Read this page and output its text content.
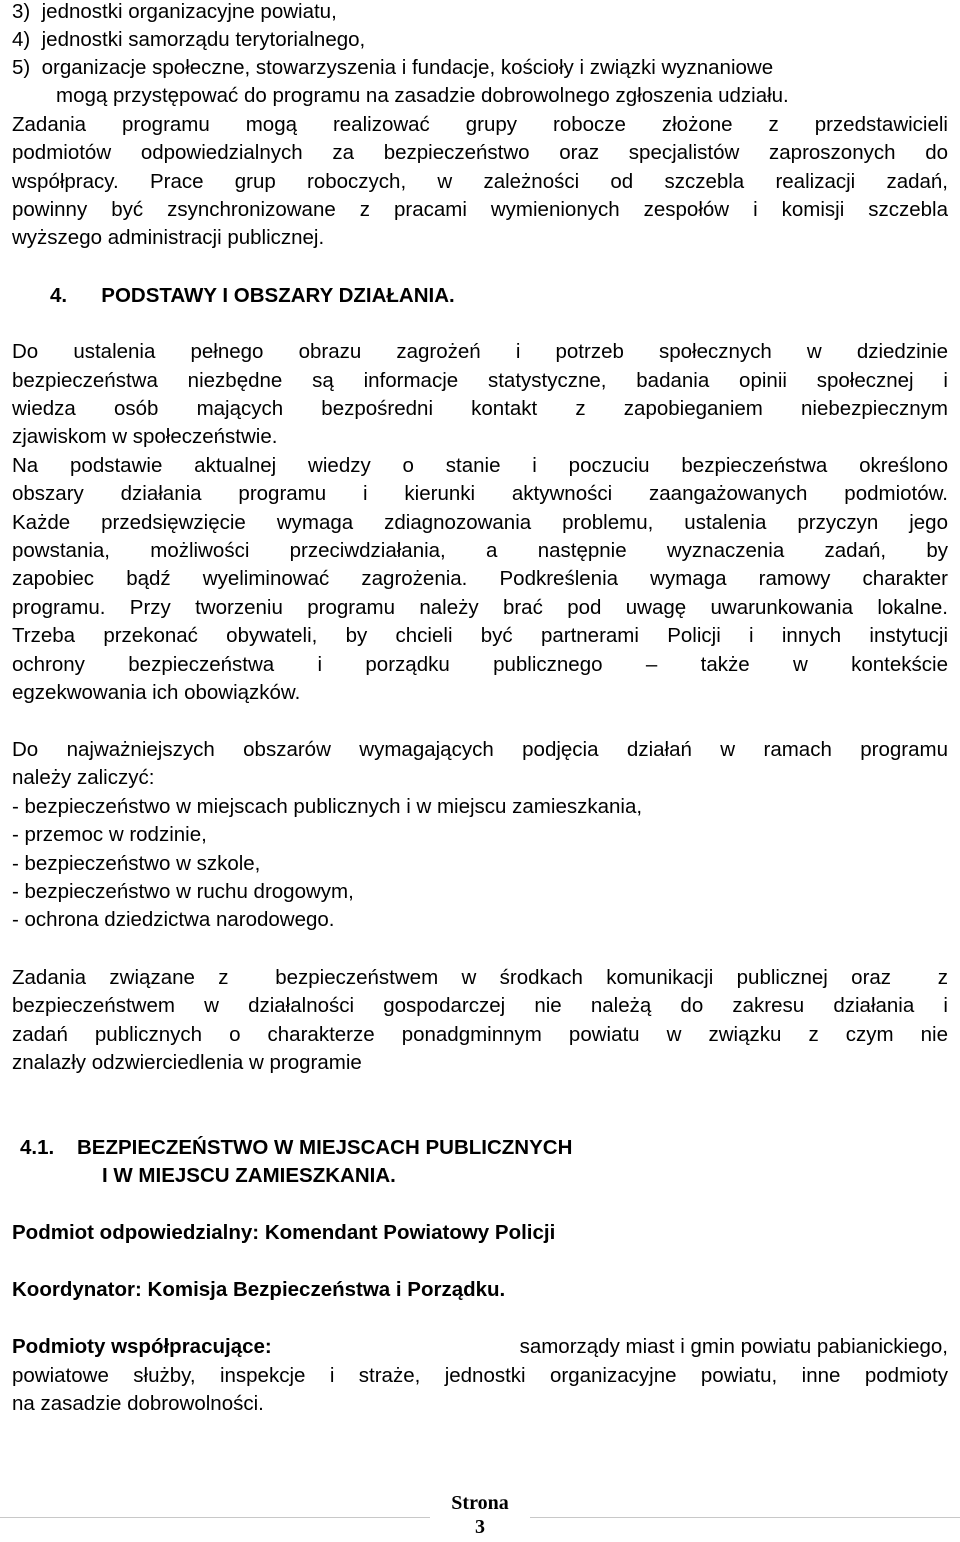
3)  jednostki organizacyjne powiatu,
4)  jednostki samorządu terytorialnego,
5)  organizacje społeczne, stowarzyszenia i fundacje, kościoły i związki wyznaniowe
mogą przystępować do programu na zasadzie dobrowolnego zgłoszenia udziału.
Zadania programu mogą realizować grupy robocze złożone z przedstawicieli
podmiotów odpowiedzialnych za bezpieczeństwo oraz specjalistów zaproszonych do
współpracy. Prace grup roboczych, w zależności od szczebla realizacji zadań,
powinny być zsynchronizowane z pracami wymienionych zespołów i komisji szczebla
wyższego administracji publicznej.
4.      PODSTAWY I OBSZARY DZIAŁANIA.
Do ustalenia pełnego obrazu zagrożeń i potrzeb społecznych w dziedzinie
bezpieczeństwa niezbędne są informacje statystyczne, badania opinii społecznej i
wiedza osób mających bezpośredni kontakt z zapobieganiem niebezpiecznym
zjawiskom w społeczeństwie.
Na podstawie aktualnej wiedzy o stanie i poczuciu bezpieczeństwa określono
obszary działania programu i kierunki aktywności zaangażowanych podmiotów.
Każde przedsięwzięcie wymaga zdiagnozowania problemu, ustalenia przyczyn jego
powstania, możliwości przeciwdziałania, a następnie wyznaczenia zadań, by
zapobiec bądź wyeliminować zagrożenia. Podkreślenia wymaga ramowy charakter
programu. Przy tworzeniu programu należy brać pod uwagę uwarunkowania lokalne.
Trzeba przekonać obywateli, by chcieli być partnerami Policji i innych instytucji
ochrony bezpieczeństwa i porządku publicznego – także w kontekście
egzekwowania ich obowiązków.
Do najważniejszych obszarów wymagających podjęcia działań w ramach programu
należy zaliczyć:
- bezpieczeństwo w miejscach publicznych i w miejscu zamieszkania,
- przemoc w rodzinie,
- bezpieczeństwo w szkole,
- bezpieczeństwo w ruchu drogowym,
- ochrona dziedzictwa narodowego.
Zadania związane z  bezpieczeństwem w środkach komunikacji publicznej oraz  z
bezpieczeństwem w działalności gospodarczej nie należą do zakresu działania i
zadań publicznych o charakterze ponadgminnym powiatu w związku z czym nie
znalazły odzwierciedlenia w programie
4.1.    BEZPIECZEŃSTWO W MIEJSCACH PUBLICZNYCH
I W MIEJSCU ZAMIESZKANIA.
Podmiot odpowiedzialny: Komendant Powiatowy Policji
Koordynator: Komisja Bezpieczeństwa i Porządku.
Podmioty współpracujące:	samorządy miast i gmin powiatu pabianickiego,
powiatowe służby, inspekcje i straże, jednostki organizacyjne powiatu, inne podmioty
na zasadzie dobrowolności.
Strona
3
